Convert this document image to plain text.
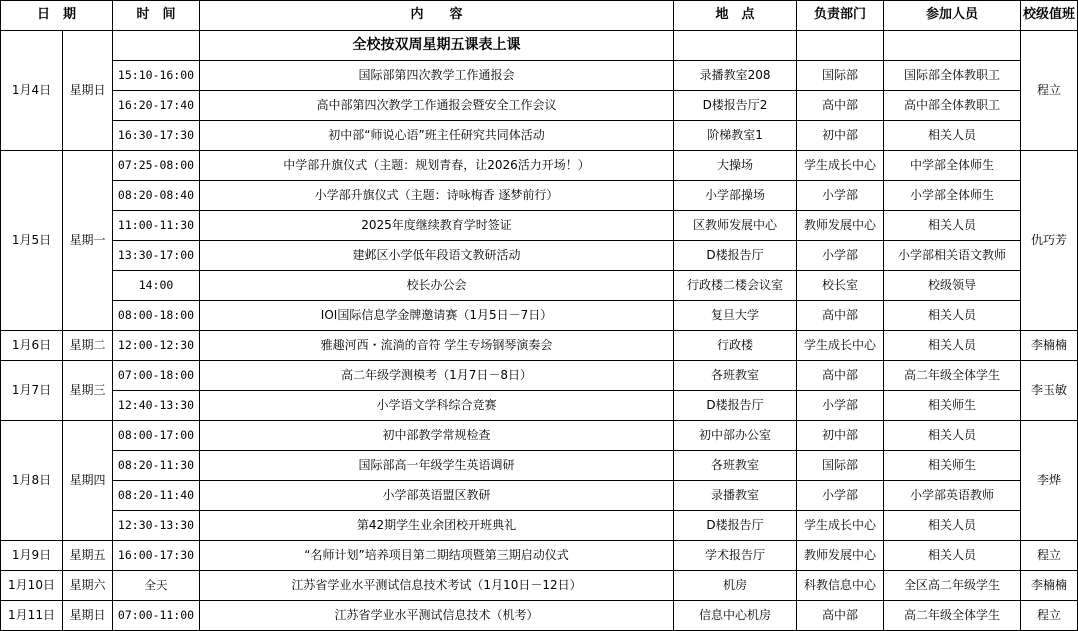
日　期		时　间	内　　容	地　点	负责部门	参加人员	校级值班
1月4日	星期日		全校按双周星期五课表上课				程立
		15:10-16:00	国际部第四次教学工作通报会	录播教室208	国际部	国际部全体教职工	
		16:20-17:40	高中部第四次教学工作通报会暨安全工作会议	D楼报告厅2	高中部	高中部全体教职工	
		16:30-17:30	初中部“师说心语”班主任研究共同体活动	阶梯教室1	初中部	相关人员	
1月5日	星期一	07:25-08:00	中学部升旗仪式（主题：规划青春，让2026活力开场！）	大操场	学生成长中心	中学部全体师生	仇巧芳
		08:20-08:40	小学部升旗仪式（主题：诗咏梅香 逐梦前行）	小学部操场	小学部	小学部全体师生	
		11:00-11:30	2025年度继续教育学时签证	区教师发展中心	教师发展中心	相关人员	
		13:30-17:00	建邺区小学低年段语文教研活动	D楼报告厅	小学部	小学部相关语文教师	
		14:00	校长办公会	行政楼二楼会议室	校长室	校级领导	
		08:00-18:00	IOI国际信息学金牌邀请赛（1月5日－7日）	复旦大学	高中部	相关人员	
1月6日	星期二	12:00-12:30	雅趣河西・流淌的音符 学生专场钢琴演奏会	行政楼	学生成长中心	相关人员	李楠楠
1月7日	星期三	07:00-18:00	高二年级学测模考（1月7日－8日）	各班教室	高中部	高二年级全体学生	李玉敏
		12:40-13:30	小学语文学科综合竞赛	D楼报告厅	小学部	相关师生	
1月8日	星期四	08:00-17:00	初中部教学常规检查	初中部办公室	初中部	相关人员	李烨
		08:20-11:30	国际部高一年级学生英语调研	各班教室	国际部	相关师生	
		08:20-11:40	小学部英语盟区教研	录播教室	小学部	小学部英语教师	
		12:30-13:30	第42期学生业余团校开班典礼	D楼报告厅	学生成长中心	相关人员	
1月9日	星期五	16:00-17:30	“名师计划”培养项目第二期结项暨第三期启动仪式	学术报告厅	教师发展中心	相关人员	程立
1月10日	星期六	全天	江苏省学业水平测试信息技术考试（1月10日－12日）	机房	科教信息中心	全区高二年级学生	李楠楠
1月11日	星期日	07:00-11:00	江苏省学业水平测试信息技术（机考）	信息中心机房	高中部	高二年级全体学生	程立
